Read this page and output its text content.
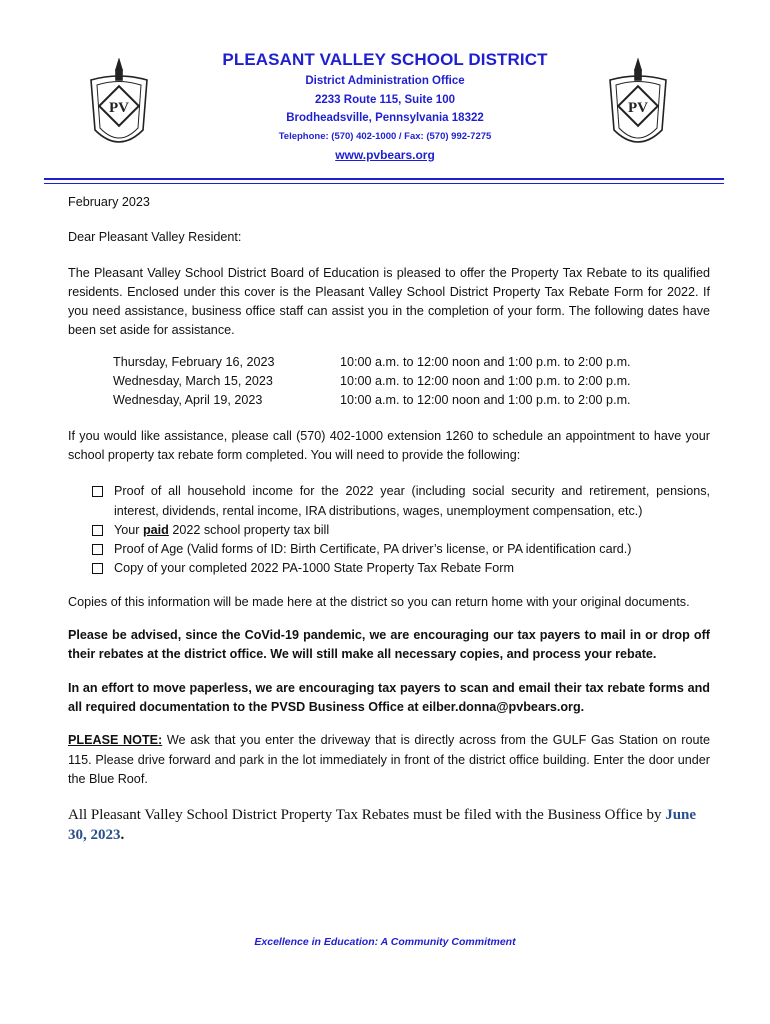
PV	PV
PLEASANT VALLEY SCHOOL DISTRICT
District Administration Office
2233 Route 115, Suite 100
Brodheadsville, Pennsylvania 18322
Telephone: (570) 402-1000 / Fax: (570) 992-7275
www.pvbears.org

February 2023

Dear Pleasant Valley Resident:

The Pleasant Valley School District Board of Education is pleased to offer the Property Tax Rebate to its qualified residents. Enclosed under this cover is the Pleasant Valley School District Property Tax Rebate Form for 2022. If you need assistance, business office staff can assist you in the completion of your form. The following dates have been set aside for assistance.

Thursday, February 16, 2023	10:00 a.m. to 12:00 noon and 1:00 p.m. to 2:00 p.m.
Wednesday, March 15, 2023	10:00 a.m. to 12:00 noon and 1:00 p.m. to 2:00 p.m.
Wednesday, April 19, 2023	10:00 a.m. to 12:00 noon and 1:00 p.m. to 2:00 p.m.

If you would like assistance, please call (570) 402-1000 extension 1260 to schedule an appointment to have your school property tax rebate form completed. You will need to provide the following:

Proof of all household income for the 2022 year (including social security and retirement, pensions, interest, dividends, rental income, IRA distributions, wages, unemployment compensation, etc.)
Your paid 2022 school property tax bill
Proof of Age (Valid forms of ID: Birth Certificate, PA driver’s license, or PA identification card.)
Copy of your completed 2022 PA-1000 State Property Tax Rebate Form

Copies of this information will be made here at the district so you can return home with your original documents.

Please be advised, since the CoVid-19 pandemic, we are encouraging our tax payers to mail in or drop off their rebates at the district office. We will still make all necessary copies, and process your rebate.

In an effort to move paperless, we are encouraging tax payers to scan and email their tax rebate forms and all required documentation to the PVSD Business Office at eilber.donna@pvbears.org.

PLEASE NOTE: We ask that you enter the driveway that is directly across from the GULF Gas Station on route 115. Please drive forward and park in the lot immediately in front of the district office building. Enter the door under the Blue Roof.

All Pleasant Valley School District Property Tax Rebates must be filed with the Business Office by June 30, 2023.

Excellence in Education: A Community Commitment
